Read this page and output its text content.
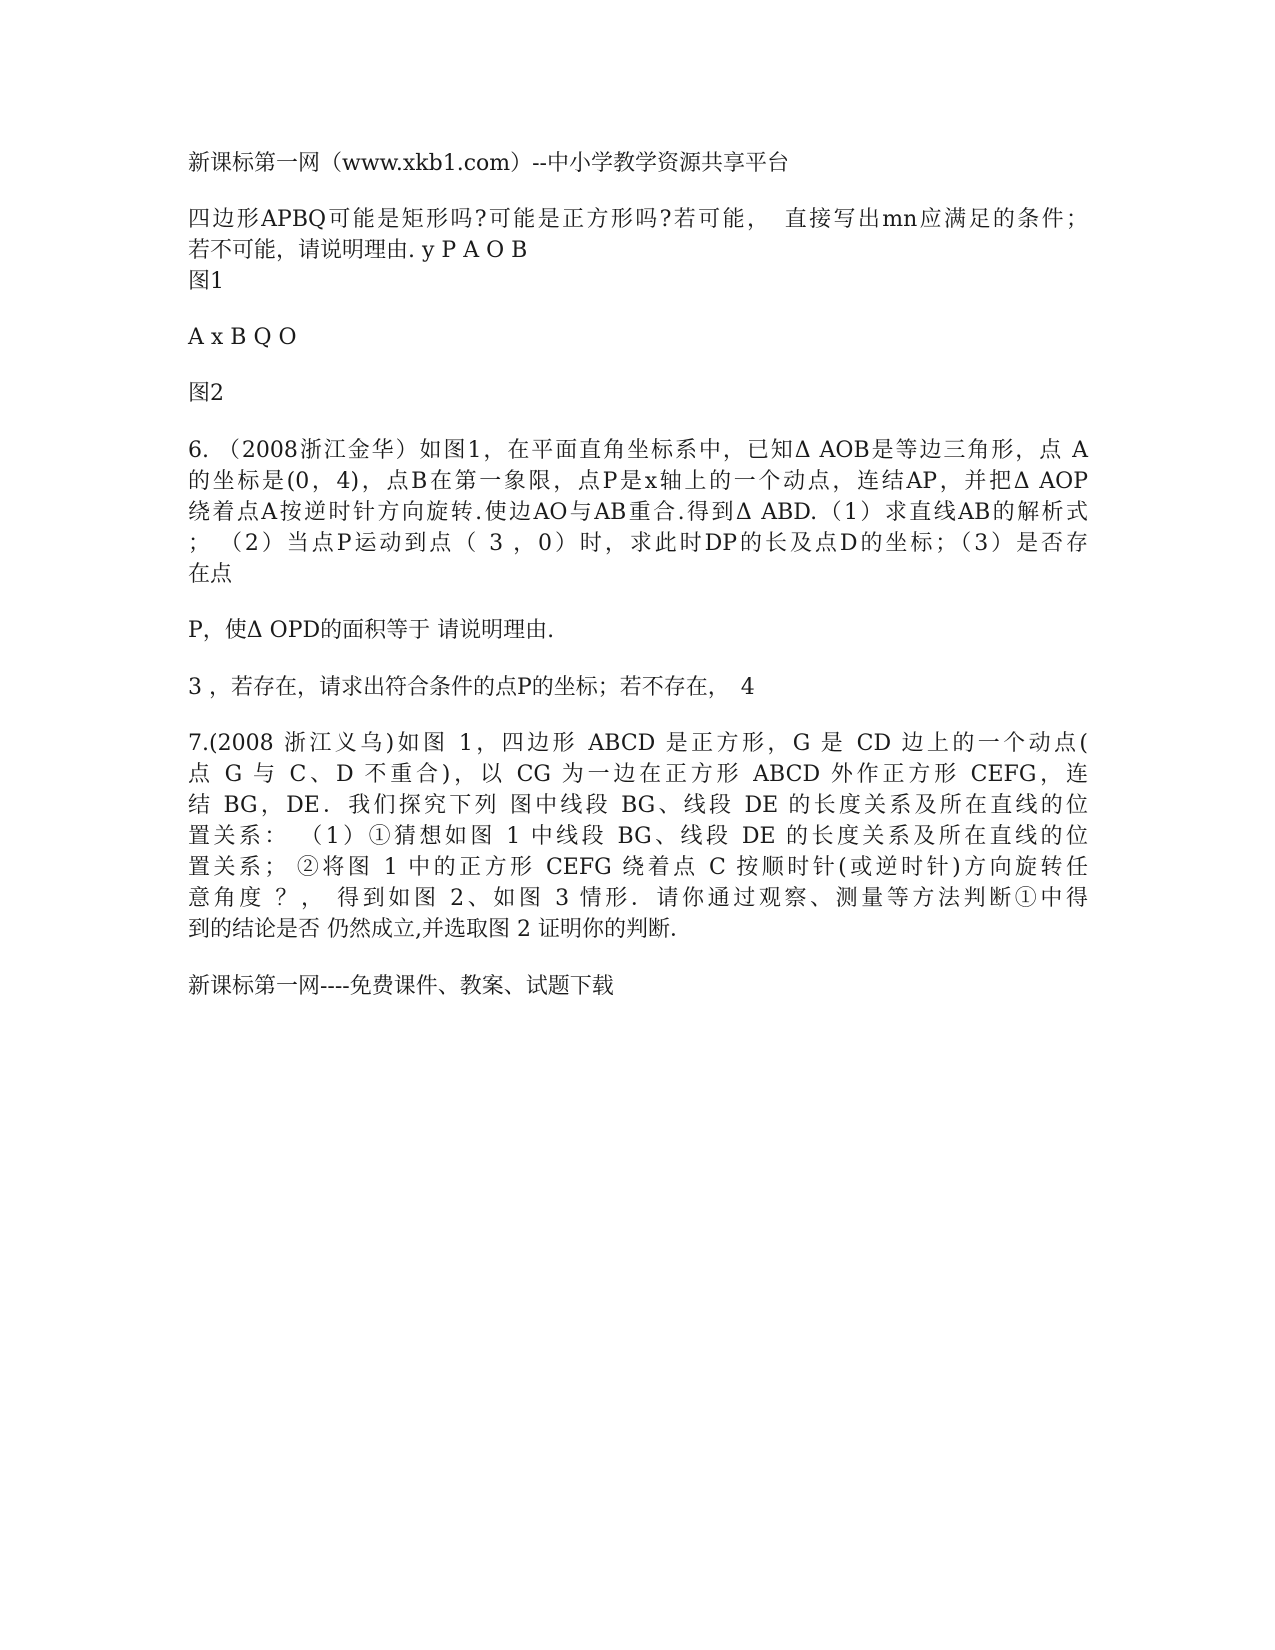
新课标第一网（www.xkb1.com）--中小学教学资源共享平台
四边形APBQ可能是矩形吗?可能是正方形吗?若可能，　直接写出mn应满足的条件；
若不可能，请说明理由. y P A O B
图1
A x B Q O
图2
6. （2008浙江金华）如图1，在平面直角坐标系中，已知Δ AOB是等边三角形，点 A
的坐标是(0，4)，点B在第一象限，点P是x轴上的一个动点，连结AP，并把Δ AOP
绕着点A按逆时针方向旋转.使边AO与AB重合.得到Δ ABD.（1）求直线AB的解析式
； （2）当点P运动到点（ 3 ，0）时，求此时DP的长及点D的坐标；（3）是否存
在点
P，使Δ OPD的面积等于 请说明理由.
3 ，若存在，请求出符合条件的点P的坐标；若不存在，　4
7.(2008 浙江义乌)如图 1，四边形 ABCD 是正方形，G 是 CD 边上的一个动点(
点 G 与 C、D 不重合)，以 CG 为一边在正方形 ABCD 外作正方形 CEFG，连
结 BG，DE．我们探究下列 图中线段 BG、线段 DE 的长度关系及所在直线的位
置关系： （1）①猜想如图 1 中线段 BG、线段 DE 的长度关系及所在直线的位
置关系； ②将图 1 中的正方形 CEFG 绕着点 C 按顺时针(或逆时针)方向旋转任
意角度 ？， 得到如图 2、如图 3 情形．请你通过观察、测量等方法判断①中得
到的结论是否 仍然成立,并选取图 2 证明你的判断．
新课标第一网----免费课件、教案、试题下载
